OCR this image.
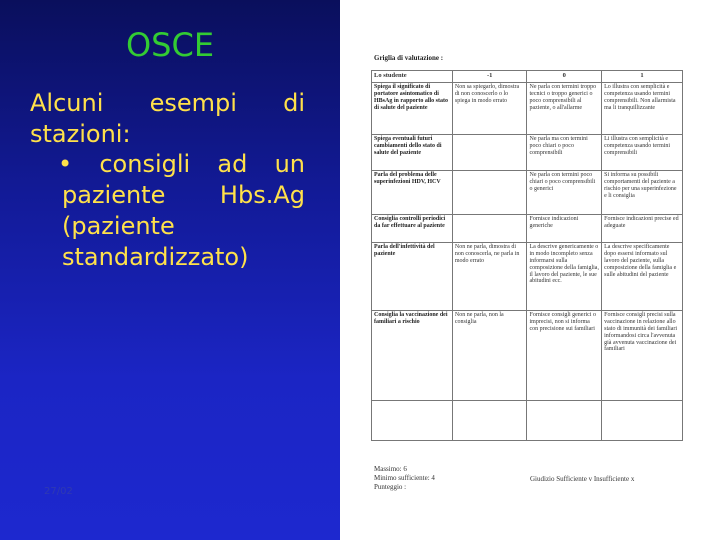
OSCE
Alcuni esempi di
stazioni:
• consigli ad un
paziente Hbs.Ag
(paziente
standardizzato)
27/02
Griglia di valutazione :
Lo studente	-1	0	1
Spiega il significato di portatore asintomatico di HBsAg in rapporto allo stato di salute del paziente	Non sa spiegarlo, dimostra di non conoscerlo o lo spiega in modo errato	Ne parla con termini troppo tecnici o troppo generici o poco comprensibili al paziente, o all'allarme	Lo illustra con semplicità e competenza usando termini comprensibili. Non allarmista ma li tranquillizzante
Spiega eventuali futuri cambiamenti dello stato di salute del paziente		Ne parla ma con termini poco chiari o poco comprensibili	Li illustra con semplicità e competenza usando termini comprensibili
Parla del problema delle superinfezioni HDV, HCV		Ne parla con termini poco chiari o poco comprensibili o generici	Si informa su possibili comportamenti del paziente a rischio per una superinfezione e li consiglia
Consiglia controlli periodici da far effettuare al paziente		Fornisce indicazioni generiche	Fornisce indicazioni precise ed adeguate
Parla dell'infettività del paziente	Non ne parla, dimostra di non conoscerla, ne parla in modo errato	La descrive genericamente o in modo incompleto senza informarsi sulla composizione della famiglia, il lavoro del paziente, le sue abitudini ecc.	La descrive specificamente dopo essersi informato sul lavoro del paziente, sulla composizione della famiglia e sulle abitudini del paziente
Consiglia la vaccinazione dei familiari a rischio	Non ne parla, non la consiglia	Fornisce consigli generici o imprecisi, non si informa con precisione sui familiari	Fornisce consigli precisi sulla vaccinazione in relazione allo stato di immunità dei familiari informandosi circa l'avvenuta già avvenuta vaccinazione dei familiari

Massimo: 6
Minimo sufficiente: 4
Punteggio :
Giudizio Sufficiente v Insufficiente x
